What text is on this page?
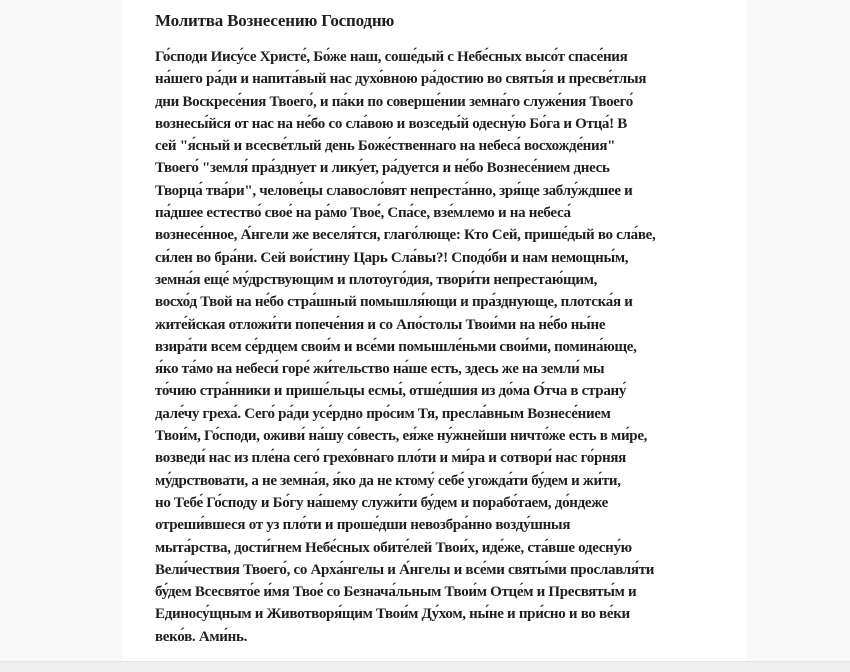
Молитва Вознесению Господню
Го́споди Иису́се Христе́, Бо́же наш, соше́дый с Небе́сных высо́т спасе́ния
на́шего ра́ди и напита́вый нас духо́вною ра́достию во святы́я и пресве́тлыя
дни Воскресе́ния Твоего́, и па́ки по соверше́нии земна́го служе́ния Твоего́
вознесы́йся от нас на не́бо со сла́вою и возседы́й одесну́ю Бо́га и Отца́! В
сей "я́сный и всесве́тлый день Боже́ственнаго на небеса́ восхожде́ния"
Твоего́ "земля́ пра́зднует и лику́ет, ра́дуется и не́бо Вознесе́нием днесь
Творца́ тва́ри", челове́цы славосло́вят непреста́нно, зря́ще заблу́ждшее и
па́дшее естество́ свое́ на ра́мо Твое́, Спа́се, взе́млемо и на небеса́
вознесе́нное, А́нгели же веселя́тся, глаго́люще: Кто Сей, прише́дый во сла́ве,
си́лен во бра́ни. Сей вои́стину Царь Сла́вы?! Сподо́би и нам немощны́м,
земна́я еще́ му́дрствующим и плотоуго́дия, твори́ти непрестаю́щим,
восхо́д Твой на не́бо стра́шный помышля́ющи и пра́зднующе, плотска́я и
жите́йская отложи́ти попече́ния и со Апо́столы Твои́ми на не́бо ны́не
взира́ти всем се́рдцем свои́м и все́ми помышле́ньми свои́ми, помина́юще,
я́ко та́мо на небеси́ горе́ жи́тельство на́ше есть, здесь же на земли́ мы
то́чию стра́нники и прише́льцы есмы́, отше́дшия из до́ма О́тча в страну́
дале́чу греха́. Сего́ ра́ди усе́рдно про́сим Тя, пресла́вным Вознесе́нием
Твои́м, Го́споди, оживи́ на́шу со́весть, ея́же ну́жнейши ничто́же есть в ми́ре,
возведи́ нас из пле́на сего́ грехо́внаго пло́ти и ми́ра и сотвори́ нас го́рняя
му́дрствовати, а не земна́я, я́ко да не ктому́ себе́ угожда́ти бу́дем и жи́ти,
но Тебе́ Го́споду и Бо́гу на́шему служи́ти бу́дем и порабо́таем, до́ндеже
отреши́вшеся от уз пло́ти и проше́дши невозбра́нно возду́шныя
мыта́рства, дости́гнем Небе́сных обите́лей Твои́х, иде́же, ста́вше одесну́ю
Вели́чествия Твоего́, со Арха́нгелы и А́нгелы и все́ми святы́ми прославля́ти
бу́дем Всесвято́е и́мя Твое́ со Безнача́льным Твои́м Отце́м и Пресвяты́м и
Единосу́щным и Животворя́щим Твои́м Ду́хом, ны́не и при́сно и во ве́ки
веко́в. Ами́нь.
